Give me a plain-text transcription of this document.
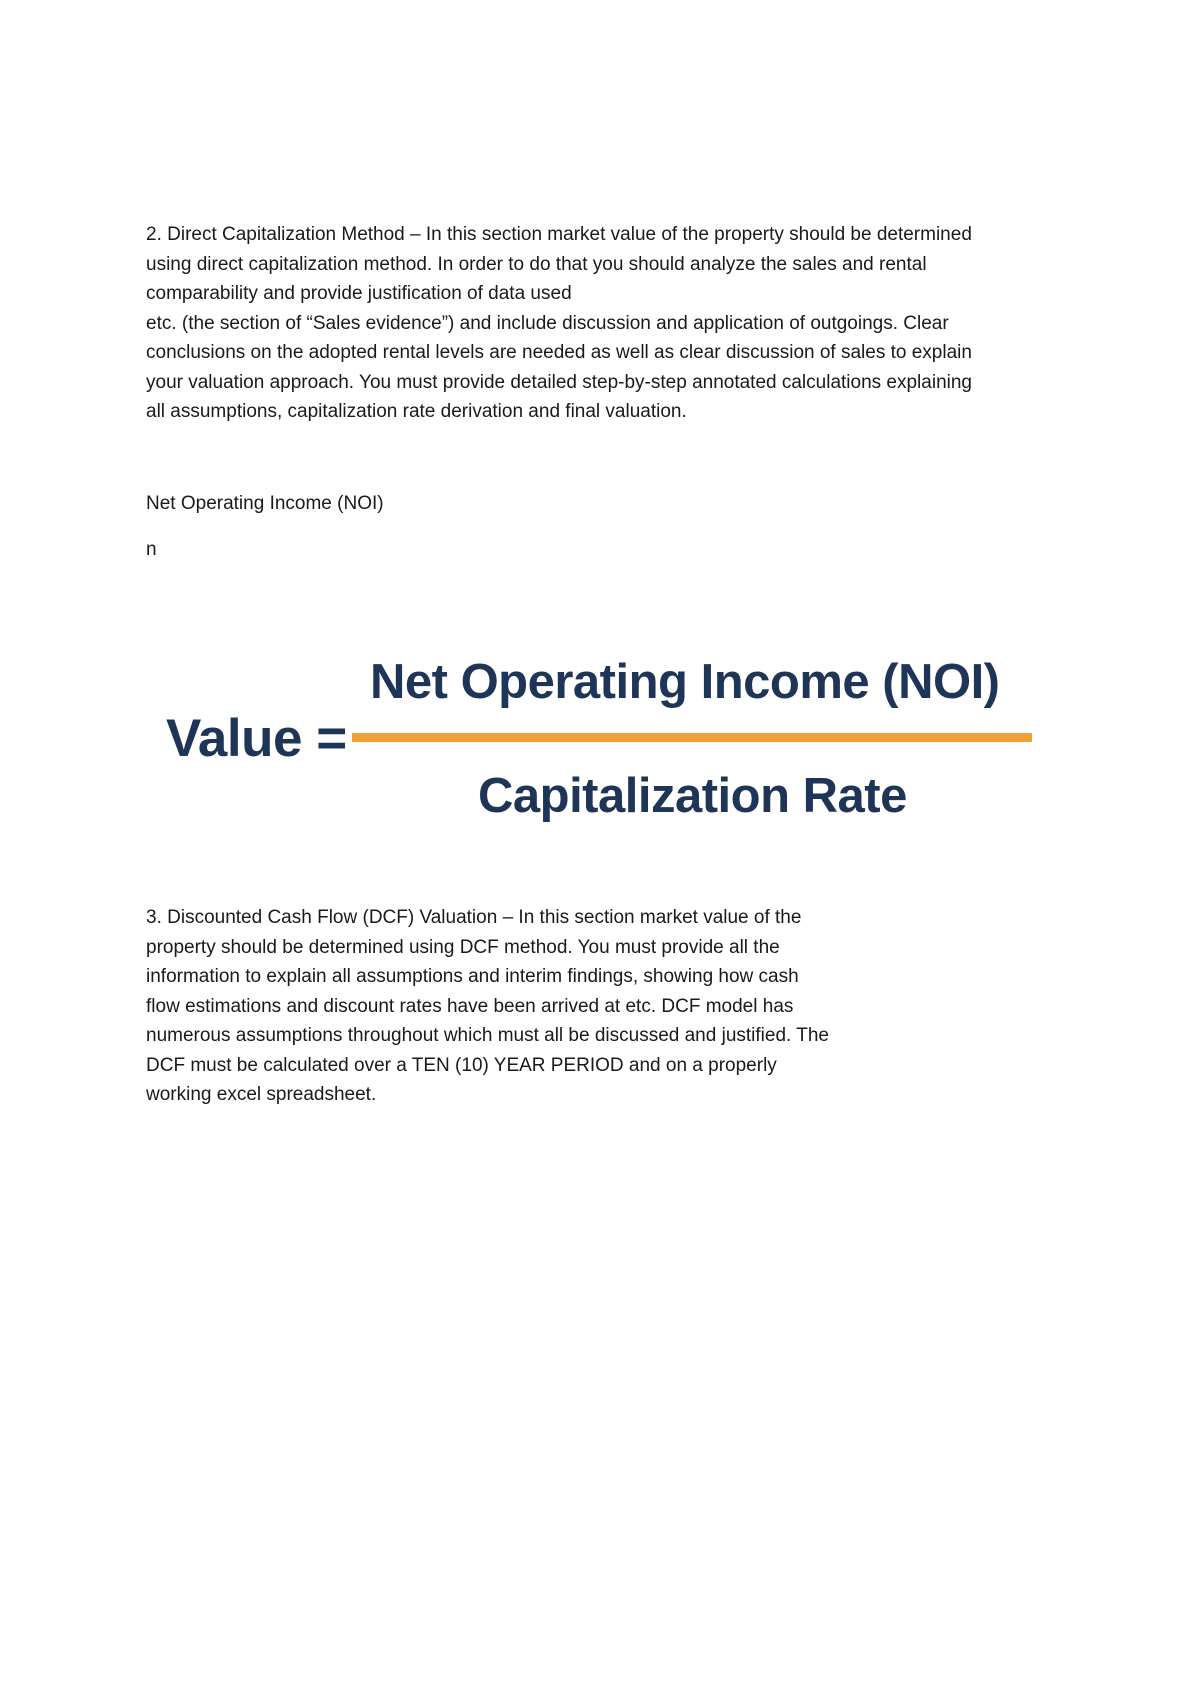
2. Direct Capitalization Method – In this section market value of the property should be determined
using direct capitalization method. In order to do that you should analyze the sales and rental
comparability and provide justification of data used
etc. (the section of “Sales evidence”) and include discussion and application of outgoings. Clear
conclusions on the adopted rental levels are needed as well as clear discussion of sales to explain
your valuation approach. You must provide detailed step-by-step annotated calculations explaining
all assumptions, capitalization rate derivation and final valuation.

Net Operating Income (NOI)

n

Value =
Net Operating Income (NOI)
Capitalization Rate

3. Discounted Cash Flow (DCF) Valuation – In this section market value of the
property should be determined using DCF method. You must provide all the
information to explain all assumptions and interim findings, showing how cash
flow estimations and discount rates have been arrived at etc. DCF model has
numerous assumptions throughout which must all be discussed and justified. The
DCF must be calculated over a TEN (10) YEAR PERIOD and on a properly
working excel spreadsheet.
